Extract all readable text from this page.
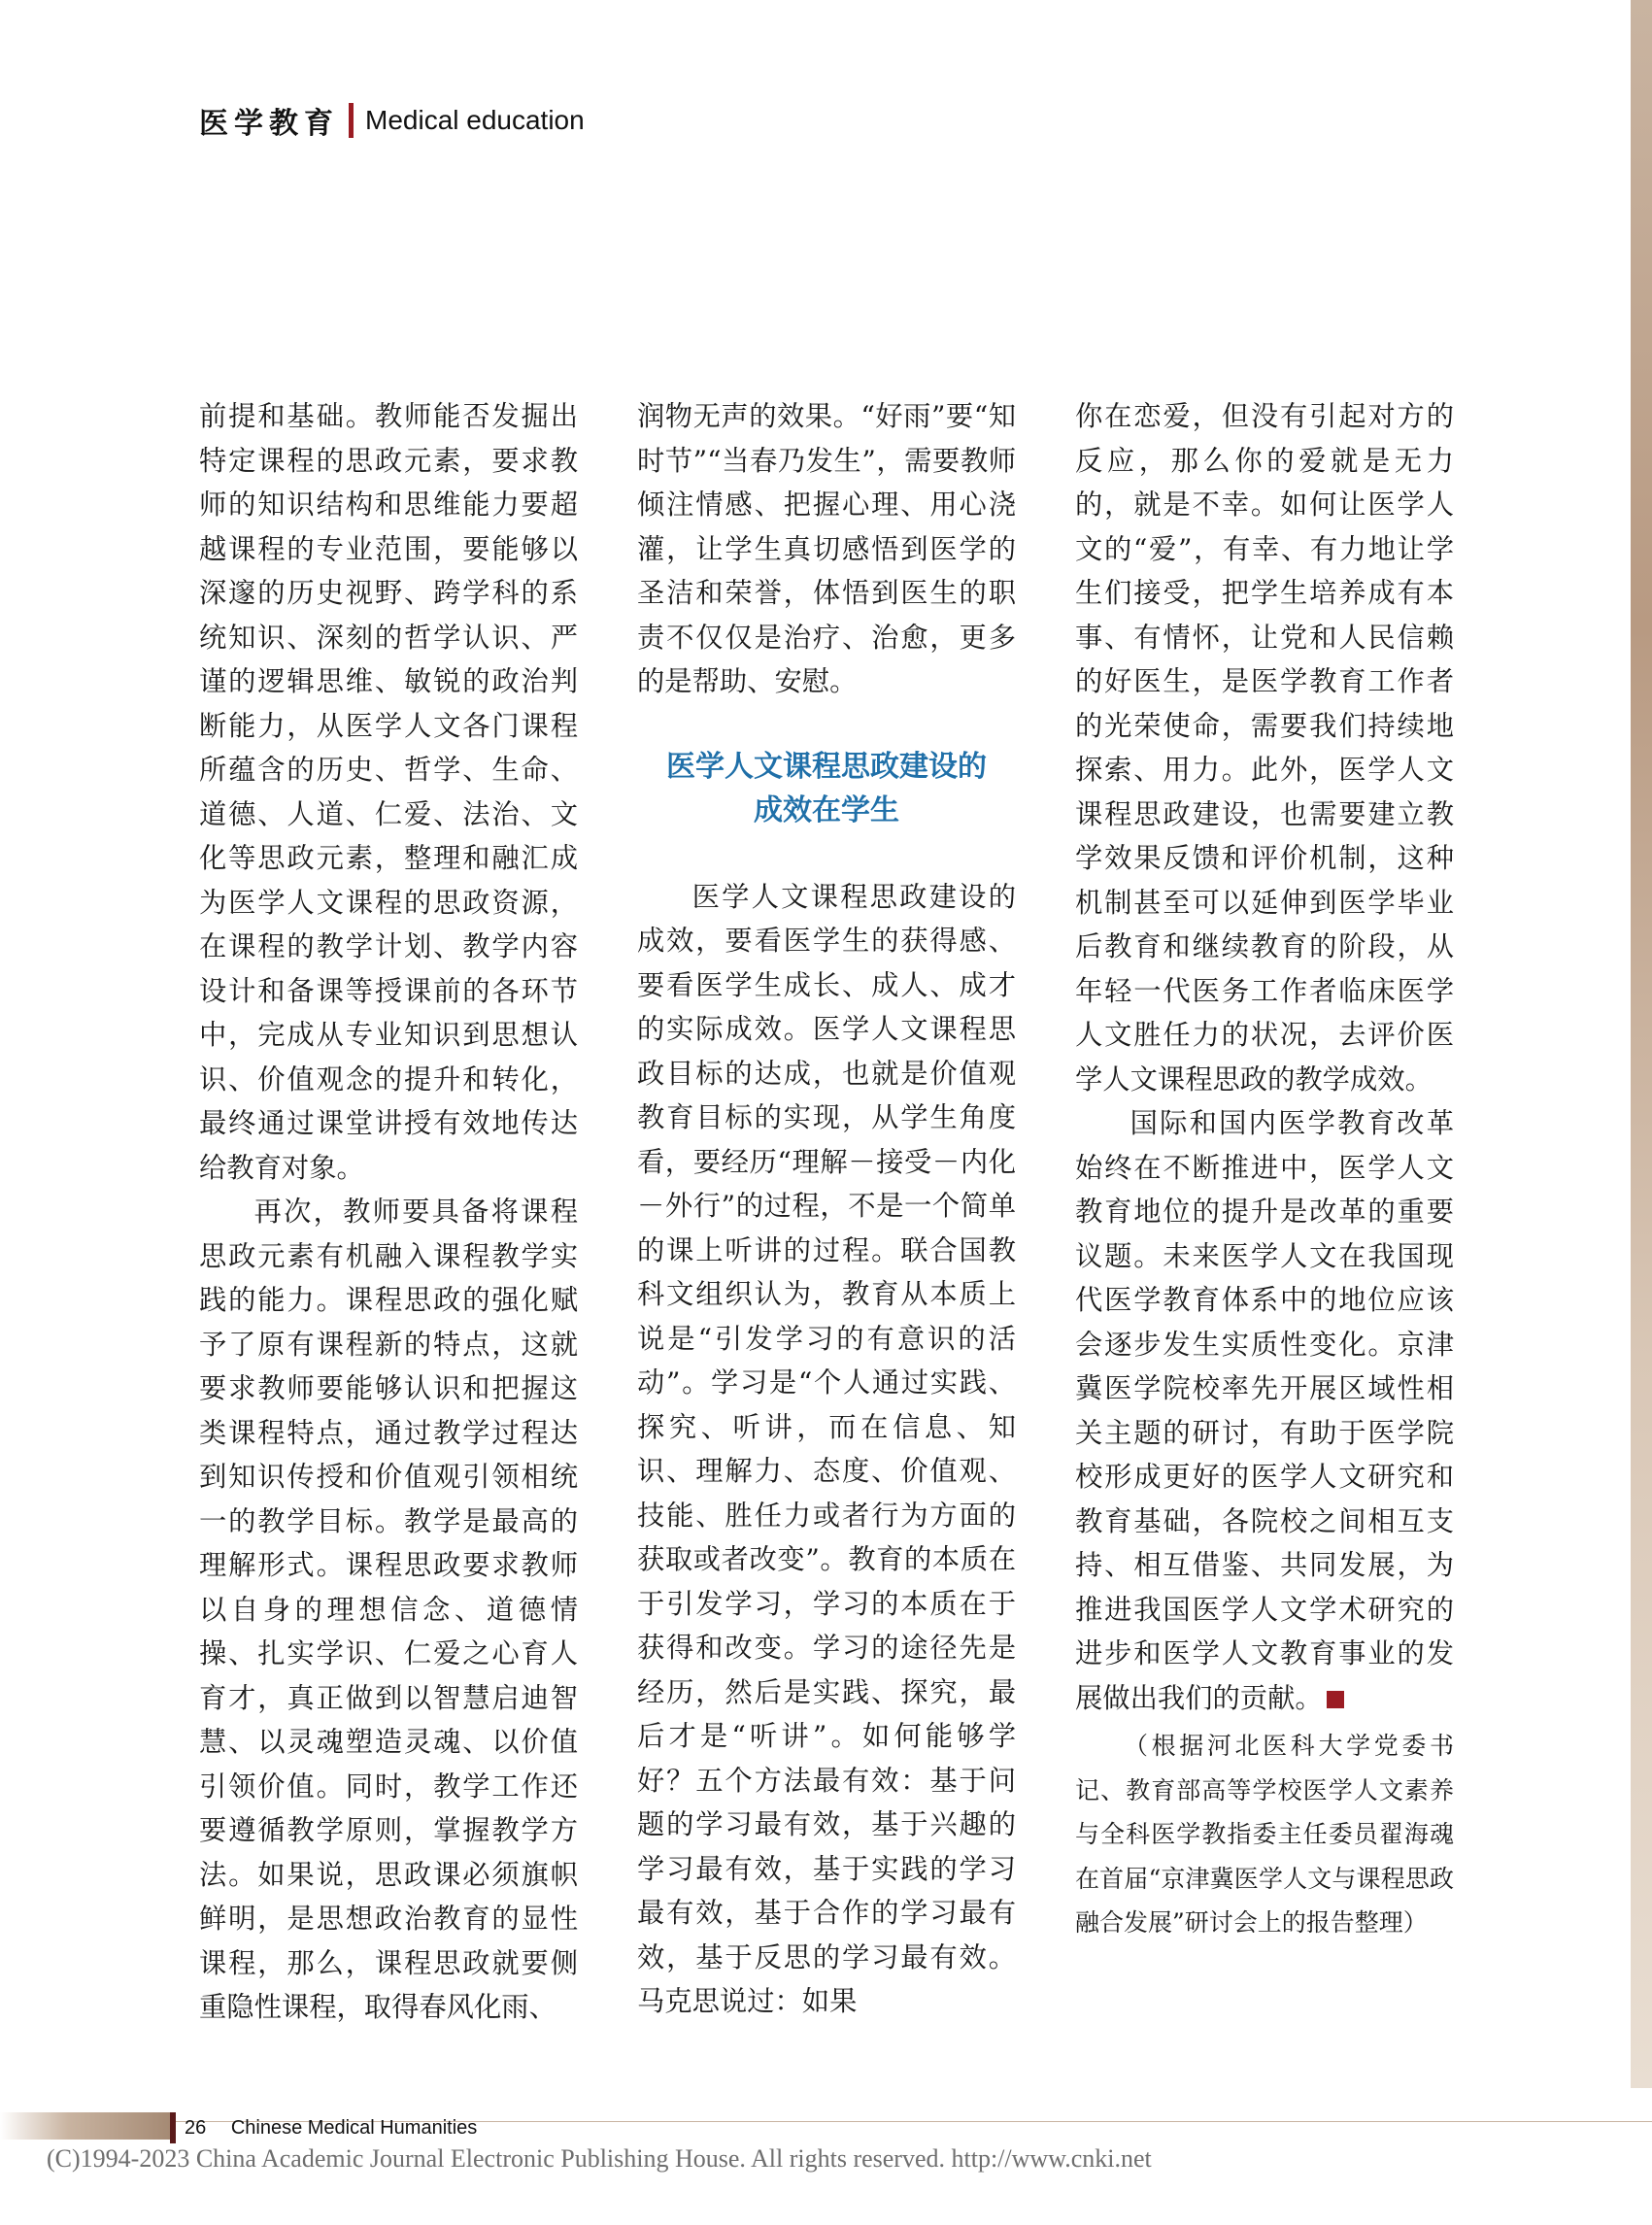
医学教育 Medical education

前提和基础。教师能否发掘出特定课程的思政元素，要求教师的知识结构和思维能力要超越课程的专业范围，要能够以深邃的历史视野、跨学科的系统知识、深刻的哲学认识、严谨的逻辑思维、敏锐的政治判断能力，从医学人文各门课程所蕴含的历史、哲学、生命、道德、人道、仁爱、法治、文化等思政元素，整理和融汇成为医学人文课程的思政资源，在课程的教学计划、教学内容设计和备课等授课前的各环节中，完成从专业知识到思想认识、价值观念的提升和转化，最终通过课堂讲授有效地传达给教育对象。

再次，教师要具备将课程思政元素有机融入课程教学实践的能力。课程思政的强化赋予了原有课程新的特点，这就要求教师要能够认识和把握这类课程特点，通过教学过程达到知识传授和价值观引领相统一的教学目标。教学是最高的理解形式。课程思政要求教师以自身的理想信念、道德情操、扎实学识、仁爱之心育人育才，真正做到以智慧启迪智慧、以灵魂塑造灵魂、以价值引领价值。同时，教学工作还要遵循教学原则，掌握教学方法。如果说，思政课必须旗帜鲜明，是思想政治教育的显性课程，那么，课程思政就要侧重隐性课程，取得春风化雨、

润物无声的效果。“好雨”要“知时节”“当春乃发生”，需要教师倾注情感、把握心理、用心浇灌，让学生真切感悟到医学的圣洁和荣誉，体悟到医生的职责不仅仅是治疗、治愈，更多的是帮助、安慰。

医学人文课程思政建设的
成效在学生

医学人文课程思政建设的成效，要看医学生的获得感、要看医学生成长、成人、成才的实际成效。医学人文课程思政目标的达成，也就是价值观教育目标的实现，从学生角度看，要经历“理解－接受－内化－外行”的过程，不是一个简单的课上听讲的过程。联合国教科文组织认为，教育从本质上说是“引发学习的有意识的活动”。学习是“个人通过实践、探究、听讲，而在信息、知识、理解力、态度、价值观、技能、胜任力或者行为方面的获取或者改变”。教育的本质在于引发学习，学习的本质在于获得和改变。学习的途径先是经历，然后是实践、探究，最后才是“听讲”。如何能够学好？五个方法最有效：基于问题的学习最有效，基于兴趣的学习最有效，基于实践的学习最有效，基于合作的学习最有效，基于反思的学习最有效。马克思说过：如果

你在恋爱，但没有引起对方的反应，那么你的爱就是无力的，就是不幸。如何让医学人文的“爱”，有幸、有力地让学生们接受，把学生培养成有本事、有情怀，让党和人民信赖的好医生，是医学教育工作者的光荣使命，需要我们持续地探索、用力。此外，医学人文课程思政建设，也需要建立教学效果反馈和评价机制，这种机制甚至可以延伸到医学毕业后教育和继续教育的阶段，从年轻一代医务工作者临床医学人文胜任力的状况，去评价医学人文课程思政的教学成效。

国际和国内医学教育改革始终在不断推进中，医学人文教育地位的提升是改革的重要议题。未来医学人文在我国现代医学教育体系中的地位应该会逐步发生实质性变化。京津冀医学院校率先开展区域性相关主题的研讨，有助于医学院校形成更好的医学人文研究和教育基础，各院校之间相互支持、相互借鉴、共同发展，为推进我国医学人文学术研究的进步和医学人文教育事业的发展做出我们的贡献。

（根据河北医科大学党委书记、教育部高等学校医学人文素养与全科医学教指委主任委员翟海魂在首届“京津冀医学人文与课程思政融合发展”研讨会上的报告整理）

26 Chinese Medical Humanities
(C)1994-2023 China Academic Journal Electronic Publishing House. All rights reserved. http://www.cnki.net
